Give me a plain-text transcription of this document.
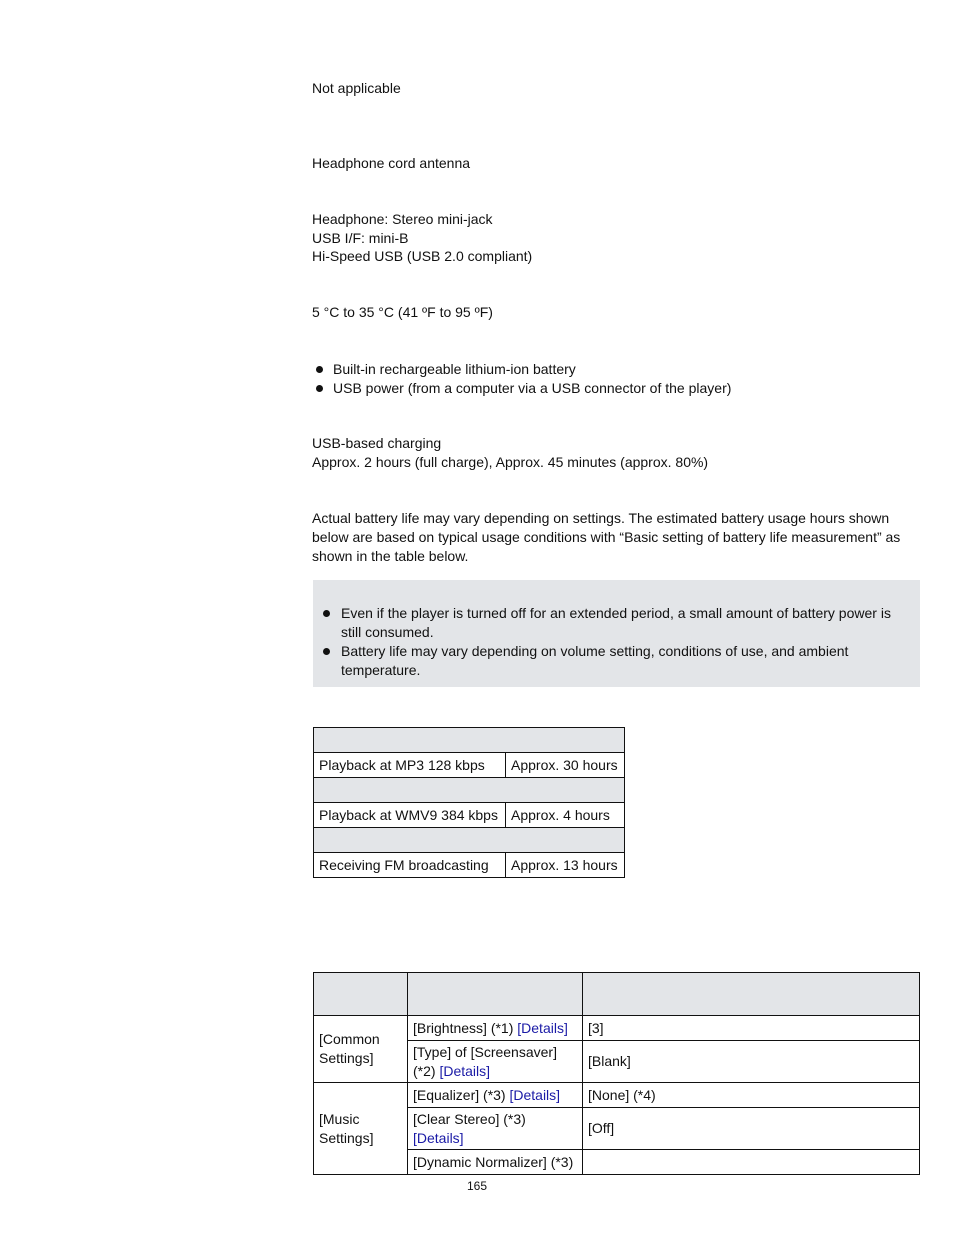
Not applicable
Headphone cord antenna
Headphone: Stereo mini-jack
USB I/F: mini-B
Hi-Speed USB (USB 2.0 compliant)
5 °C to 35 °C (41 ºF to 95 ºF)
Built-in rechargeable lithium-ion battery
USB power (from a computer via a USB connector of the player)
USB-based charging
Approx. 2 hours (full charge), Approx. 45 minutes (approx. 80%)
Actual battery life may vary depending on settings. The estimated battery usage hours shown below are based on typical usage conditions with “Basic setting of battery life measurement” as shown in the table below.
Even if the player is turned off for an extended period, a small amount of battery power is still consumed.
Battery life may vary depending on volume setting, conditions of use, and ambient temperature.

Playback at MP3 128 kbps	Approx. 30 hours

Playback at WMV9 384 kbps	Approx. 4 hours

Receiving FM broadcasting	Approx. 13 hours

[Common Settings]	[Brightness] (*1) [Details]	[3]
	[Type] of [Screensaver] (*2) [Details]	[Blank]
[Music Settings]	[Equalizer] (*3) [Details]	[None] (*4)
	[Clear Stereo] (*3) [Details]	[Off]
	[Dynamic Normalizer] (*3)	
165
